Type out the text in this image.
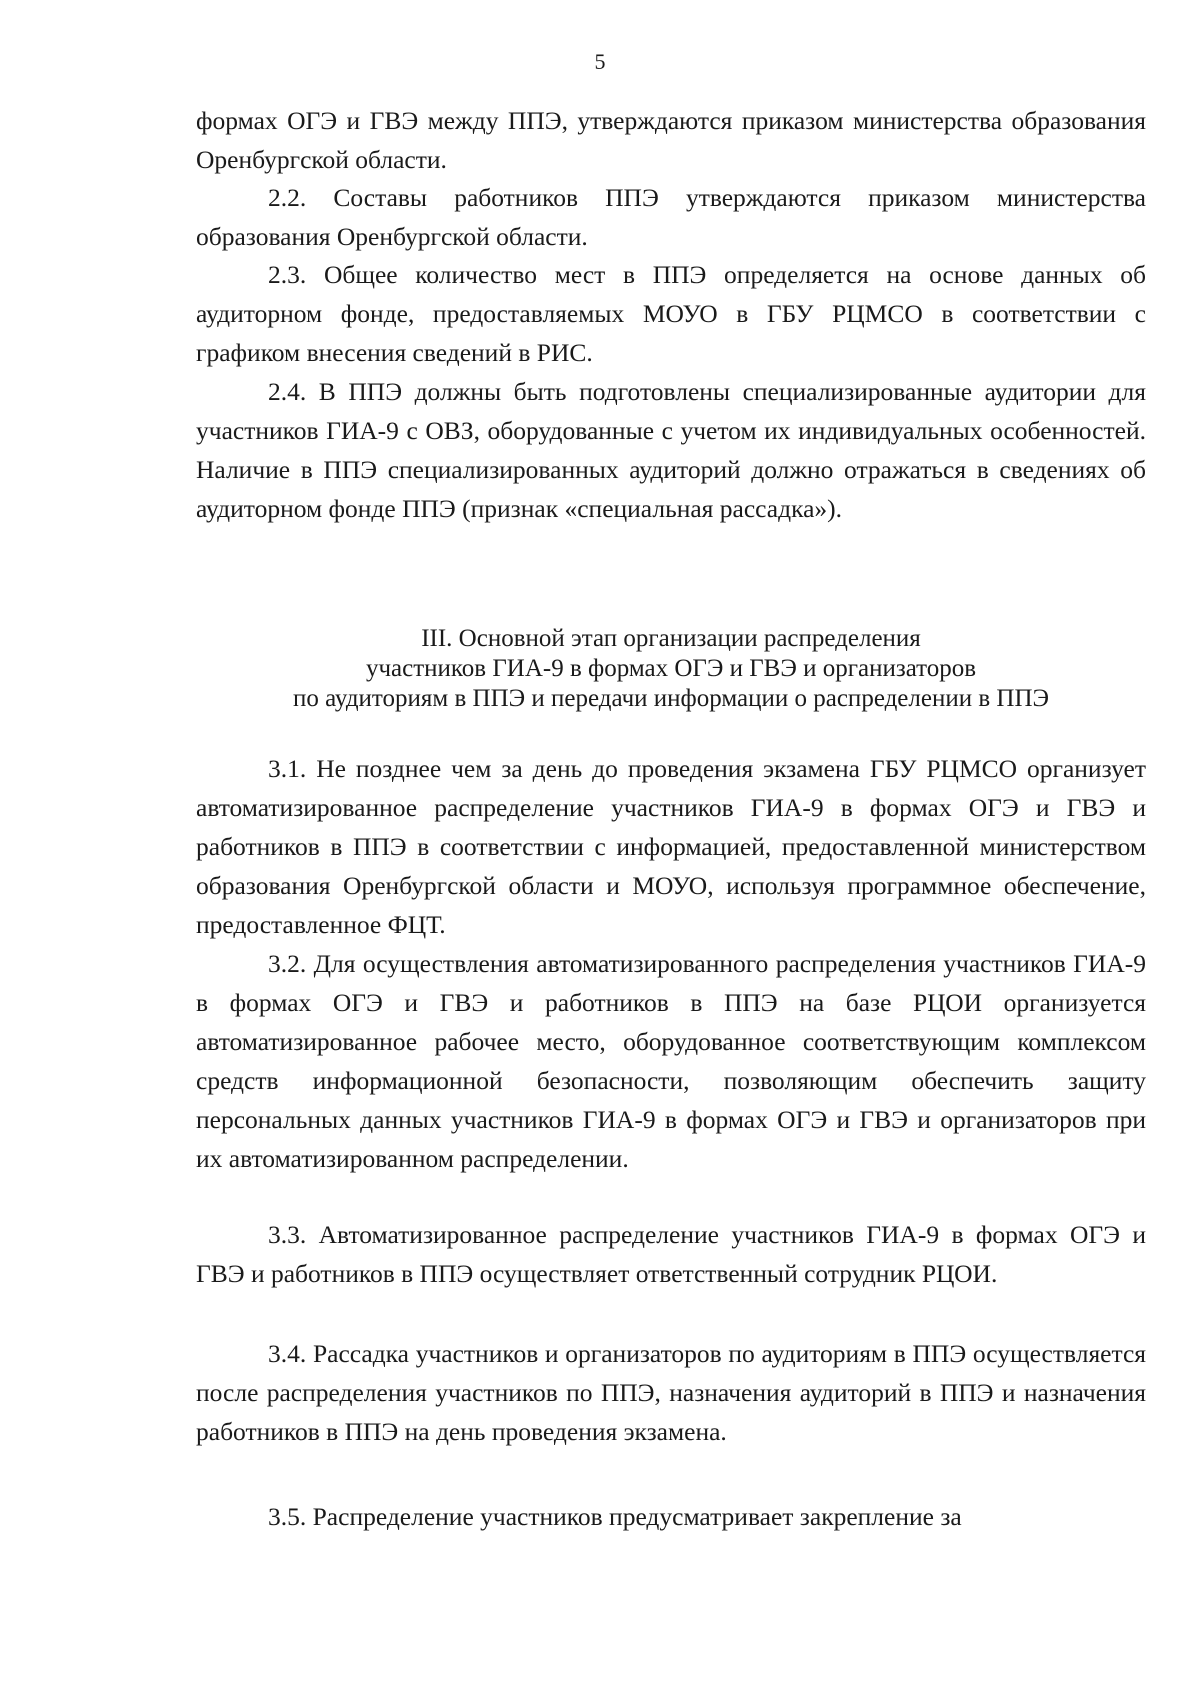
5

формах ОГЭ и ГВЭ между ППЭ, утверждаются приказом министерства образования Оренбургской области.

2.2. Составы работников ППЭ утверждаются приказом министерства образования Оренбургской области.

2.3. Общее количество мест в ППЭ определяется на основе данных об аудиторном фонде, предоставляемых МОУО в ГБУ РЦМСО в соответствии с графиком внесения сведений в РИС.

2.4. В ППЭ должны быть подготовлены специализированные аудитории для участников ГИА-9 с ОВЗ, оборудованные с учетом их индивидуальных особенностей. Наличие в ППЭ специализированных аудиторий должно отражаться в сведениях об аудиторном фонде ППЭ (признак «специальная рассадка»).

III. Основной этап организации распределения
участников ГИА-9 в формах ОГЭ и ГВЭ и организаторов
по аудиториям в ППЭ и передачи информации о распределении в ППЭ

3.1. Не позднее чем за день до проведения экзамена ГБУ РЦМСО организует автоматизированное распределение участников ГИА-9 в формах ОГЭ и ГВЭ и работников в ППЭ в соответствии с информацией, предоставленной министерством образования Оренбургской области и МОУО, используя программное обеспечение, предоставленное ФЦТ.

3.2. Для осуществления автоматизированного распределения участников ГИА-9 в формах ОГЭ и ГВЭ и работников в ППЭ на базе РЦОИ организуется автоматизированное рабочее место, оборудованное соответствующим комплексом средств информационной безопасности, позволяющим обеспечить защиту персональных данных участников ГИА-9 в формах ОГЭ и ГВЭ и организаторов при их автоматизированном распределении.

3.3. Автоматизированное распределение участников ГИА-9 в формах ОГЭ и ГВЭ и работников в ППЭ осуществляет ответственный сотрудник РЦОИ.

3.4. Рассадка участников и организаторов по аудиториям в ППЭ осуществляется после распределения участников по ППЭ, назначения аудиторий в ППЭ и назначения работников в ППЭ на день проведения экзамена.

3.5. Распределение участников предусматривает закрепление за
